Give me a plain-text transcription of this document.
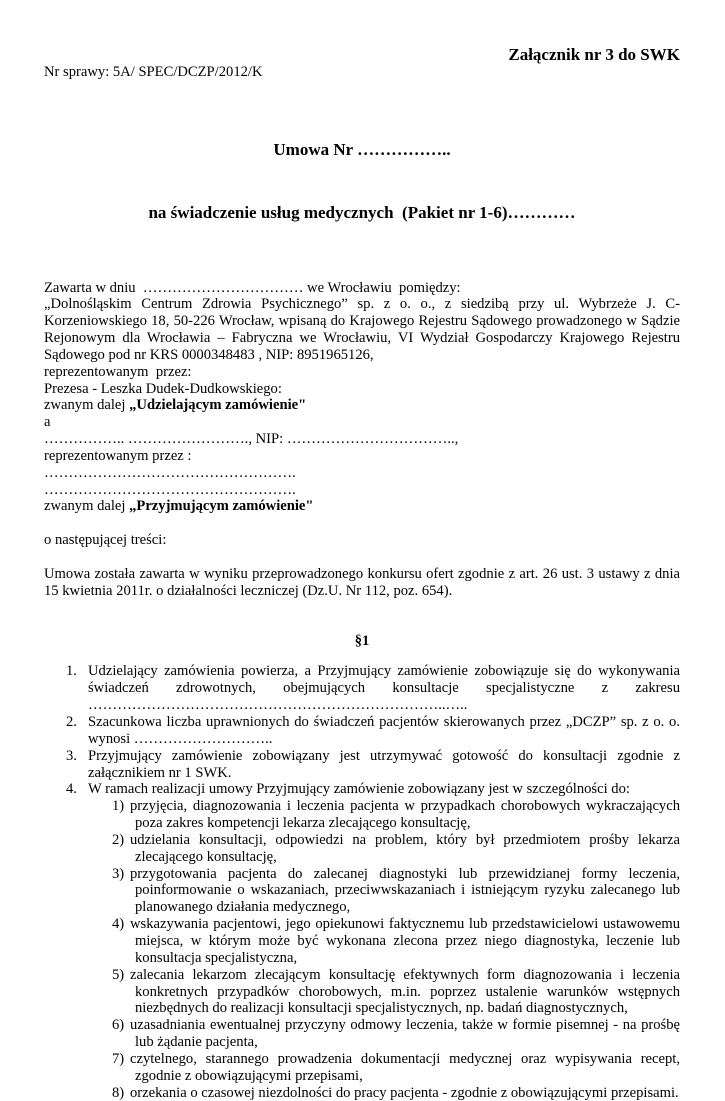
Załącznik nr 3 do SWK
Nr sprawy: 5A/ SPEC/DCZP/2012/K

Umowa Nr ……………..

na świadczenie usług medycznych  (Pakiet nr 1-6)…………

Zawarta w dniu  …………………………… we Wrocławiu  pomiędzy:
„Dolnośląskim Centrum Zdrowia Psychicznego” sp. z o. o., z siedzibą przy ul. Wybrzeże J. C-Korzeniowskiego 18, 50-226 Wrocław, wpisaną do Krajowego Rejestru Sądowego prowadzonego w Sądzie Rejonowym dla Wrocławia – Fabryczna we Wrocławiu, VI Wydział Gospodarczy Krajowego Rejestru Sądowego pod nr KRS 0000348483 , NIP: 8951965126,
reprezentowanym  przez:
Prezesa - Leszka Dudek-Dudkowskiego:
zwanym dalej „Udzielającym zamówienie"
a
…………….. ……………………., NIP: ……………………………..,
reprezentowanym przez :
…………………………………………….
…………………………………………….
zwanym dalej „Przyjmującym zamówienie"
o następującej treści:
Umowa została zawarta w wyniku przeprowadzonego konkursu ofert zgodnie z art. 26 ust. 3 ustawy z dnia 15 kwietnia 2011r. o działalności leczniczej (Dz.U. Nr 112, poz. 654).
§1
1. Udzielający zamówienia powierza, a Przyjmujący zamówienie zobowiązuje się do wykonywania świadczeń zdrowotnych, obejmujących konsultacje specjalistyczne z zakresu ………………………………………………………………..…..
2. Szacunkowa liczba uprawnionych do świadczeń pacjentów skierowanych przez „DCZP” sp. z o. o. wynosi ………………………..
3. Przyjmujący zamówienie zobowiązany jest utrzymywać gotowość do konsultacji zgodnie z załącznikiem nr 1 SWK.
4. W ramach realizacji umowy Przyjmujący zamówienie zobowiązany jest w szczególności do:
1) przyjęcia, diagnozowania i leczenia pacjenta w przypadkach chorobowych wykraczających poza zakres kompetencji lekarza zlecającego konsultację,
2) udzielania konsultacji, odpowiedzi na problem, który był przedmiotem prośby lekarza zlecającego konsultację,
3) przygotowania pacjenta do zalecanej diagnostyki lub przewidzianej formy leczenia, poinformowanie o wskazaniach, przeciwwskazaniach i istniejącym ryzyku zalecanego lub planowanego działania medycznego,
4) wskazywania pacjentowi, jego opiekunowi faktycznemu lub przedstawicielowi ustawowemu miejsca, w którym może być wykonana zlecona przez niego diagnostyka, leczenie lub konsultacja specjalistyczna,
5) zalecania lekarzom zlecającym konsultację efektywnych form diagnozowania i leczenia konkretnych przypadków chorobowych, m.in. poprzez ustalenie warunków wstępnych niezbędnych do realizacji konsultacji specjalistycznych, np. badań diagnostycznych,
6) uzasadniania ewentualnej przyczyny odmowy leczenia, także w formie pisemnej - na prośbę lub żądanie pacjenta,
7) czytelnego, starannego prowadzenia dokumentacji medycznej oraz wypisywania recept, zgodnie z obowiązującymi przepisami,
8) orzekania o czasowej niezdolności do pracy pacjenta - zgodnie z obowiązującymi przepisami.
